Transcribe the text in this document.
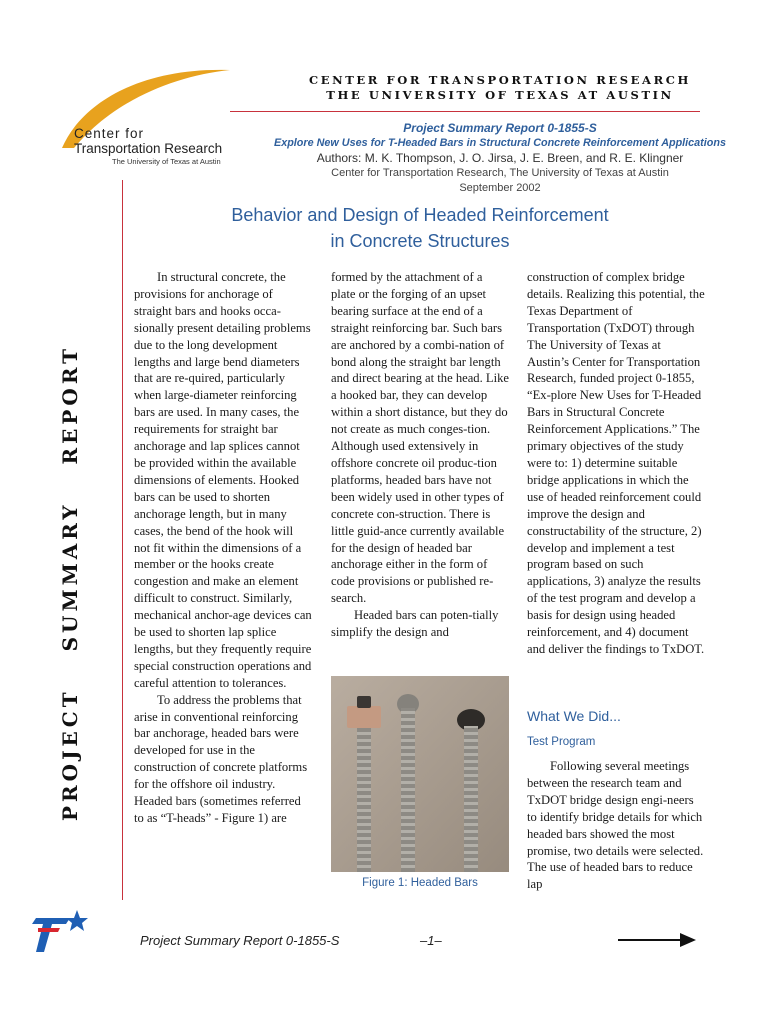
Center for
Transportation Research
The University of Texas at Austin
CENTER FOR TRANSPORTATION RESEARCH
THE UNIVERSITY OF TEXAS AT AUSTIN
Project Summary Report 0-1855-S
Explore New Uses for T-Headed Bars in Structural Concrete Reinforcement Applications
Authors: M. K. Thompson, J. O. Jirsa, J. E. Breen, and R. E. Klingner
Center for Transportation Research, The University of Texas at Austin
September 2002
PROJECT SUMMARY REPORT
Behavior and Design of Headed Reinforcement
in Concrete Structures

In structural concrete, the provisions for anchorage of straight bars and hooks occa-sionally present detailing problems due to the long development lengths and large bend diameters that are re-quired, particularly when large-diameter reinforcing bars are used. In many cases, the requirements for straight bar anchorage and lap splices cannot be provided within the available dimensions of elements. Hooked bars can be used to shorten anchorage length, but in many cases, the bend of the hook will not fit within the dimensions of a member or the hooks create congestion and make an element difficult to construct. Similarly, mechanical anchor-age devices can be used to shorten lap splice lengths, but they frequently require special construction operations and careful attention to tolerances.

To address the problems that arise in conventional reinforcing bar anchorage, headed bars were developed for use in the construction of concrete platforms for the offshore oil industry. Headed bars (sometimes referred to as “T-heads” - Figure 1) are

formed by the attachment of a plate or the forging of an upset bearing surface at the end of a straight reinforcing bar. Such bars are anchored by a combi-nation of bond along the straight bar length and direct bearing at the head. Like a hooked bar, they can develop within a short distance, but they do not create as much conges-tion. Although used extensively in offshore concrete oil produc-tion platforms, headed bars have not been widely used in other types of concrete con-struction. There is little guid-ance currently available for the design of headed bar anchorage either in the form of code provisions or published re-search.

Headed bars can poten-tially simplify the design and

Figure 1: Headed Bars

construction of complex bridge details. Realizing this potential, the Texas Department of Transportation (TxDOT) through The University of Texas at Austin’s Center for Transportation Research, funded project 0-1855, “Ex-plore New Uses for T-Headed Bars in Structural Concrete Reinforcement Applications.” The primary objectives of the study were to: 1) determine suitable bridge applications in which the use of headed reinforcement could improve the design and constructability of the structure, 2) develop and implement a test program based on such applications, 3) analyze the results of the test program and develop a basis for design using headed reinforcement, and 4) document and deliver the findings to TxDOT.

What We Did...
Test Program

Following several meetings between the research team and TxDOT bridge design engi-neers to identify bridge details for which headed bars showed the most promise, two details were selected. The use of headed bars to reduce lap

Project Summary Report 0-1855-S	–1–
